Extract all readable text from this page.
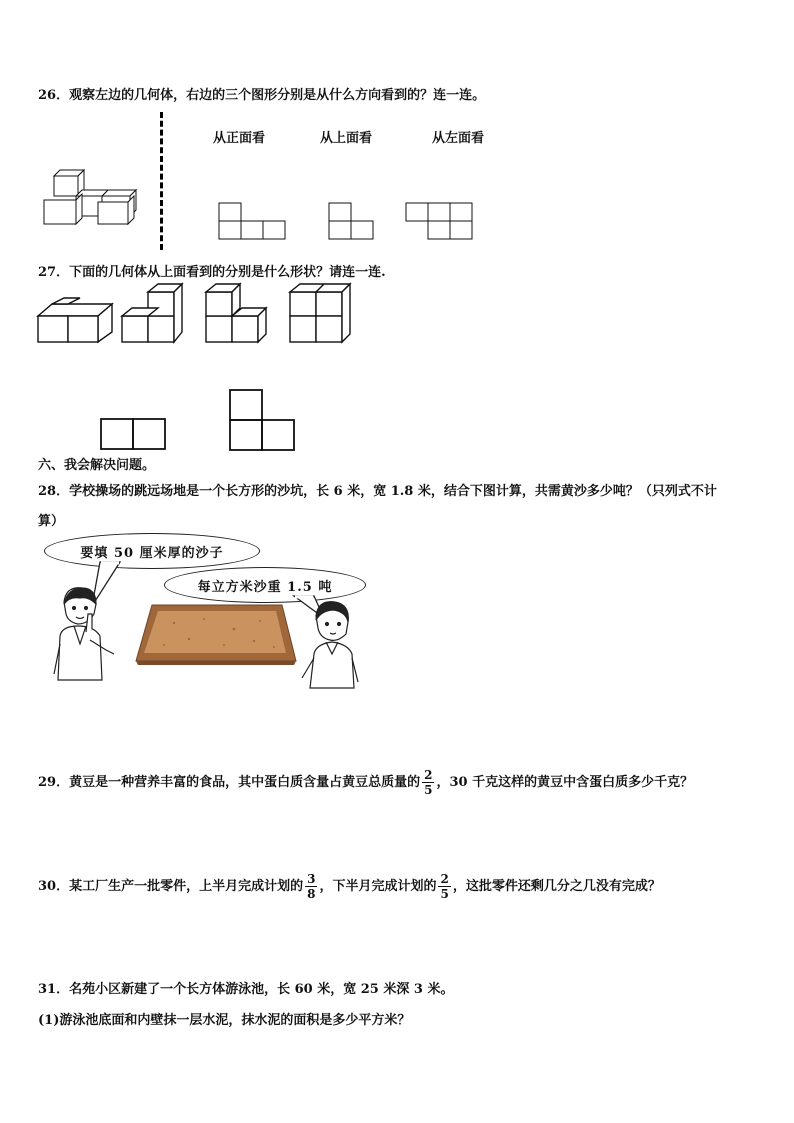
26．观察左边的几何体，右边的三个图形分别是从什么方向看到的？连一连。
从正面看	从上面看	从左面看
27．下面的几何体从上面看到的分别是什么形状？请连一连.
六、我会解决问题。
28．学校操场的跳远场地是一个长方形的沙坑，长 6 米，宽 1.8 米，结合下图计算，共需黄沙多少吨？（只列式不计
算）
要填 50 厘米厚的沙子
每立方米沙重 1.5 吨
29．黄豆是一种营养丰富的食品，其中蛋白质含量占黄豆总质量的 $\frac{2}{5}$ ，30 千克这样的黄豆中含蛋白质多少千克？
30．某工厂生产一批零件，上半月完成计划的 $\frac{3}{8}$ ，下半月完成计划的 $\frac{2}{5}$ ，这批零件还剩几分之几没有完成？
31．名苑小区新建了一个长方体游泳池，长 60 米，宽 25 米深 3 米。
(1)游泳池底面和内壁抹一层水泥，抹水泥的面积是多少平方米？
